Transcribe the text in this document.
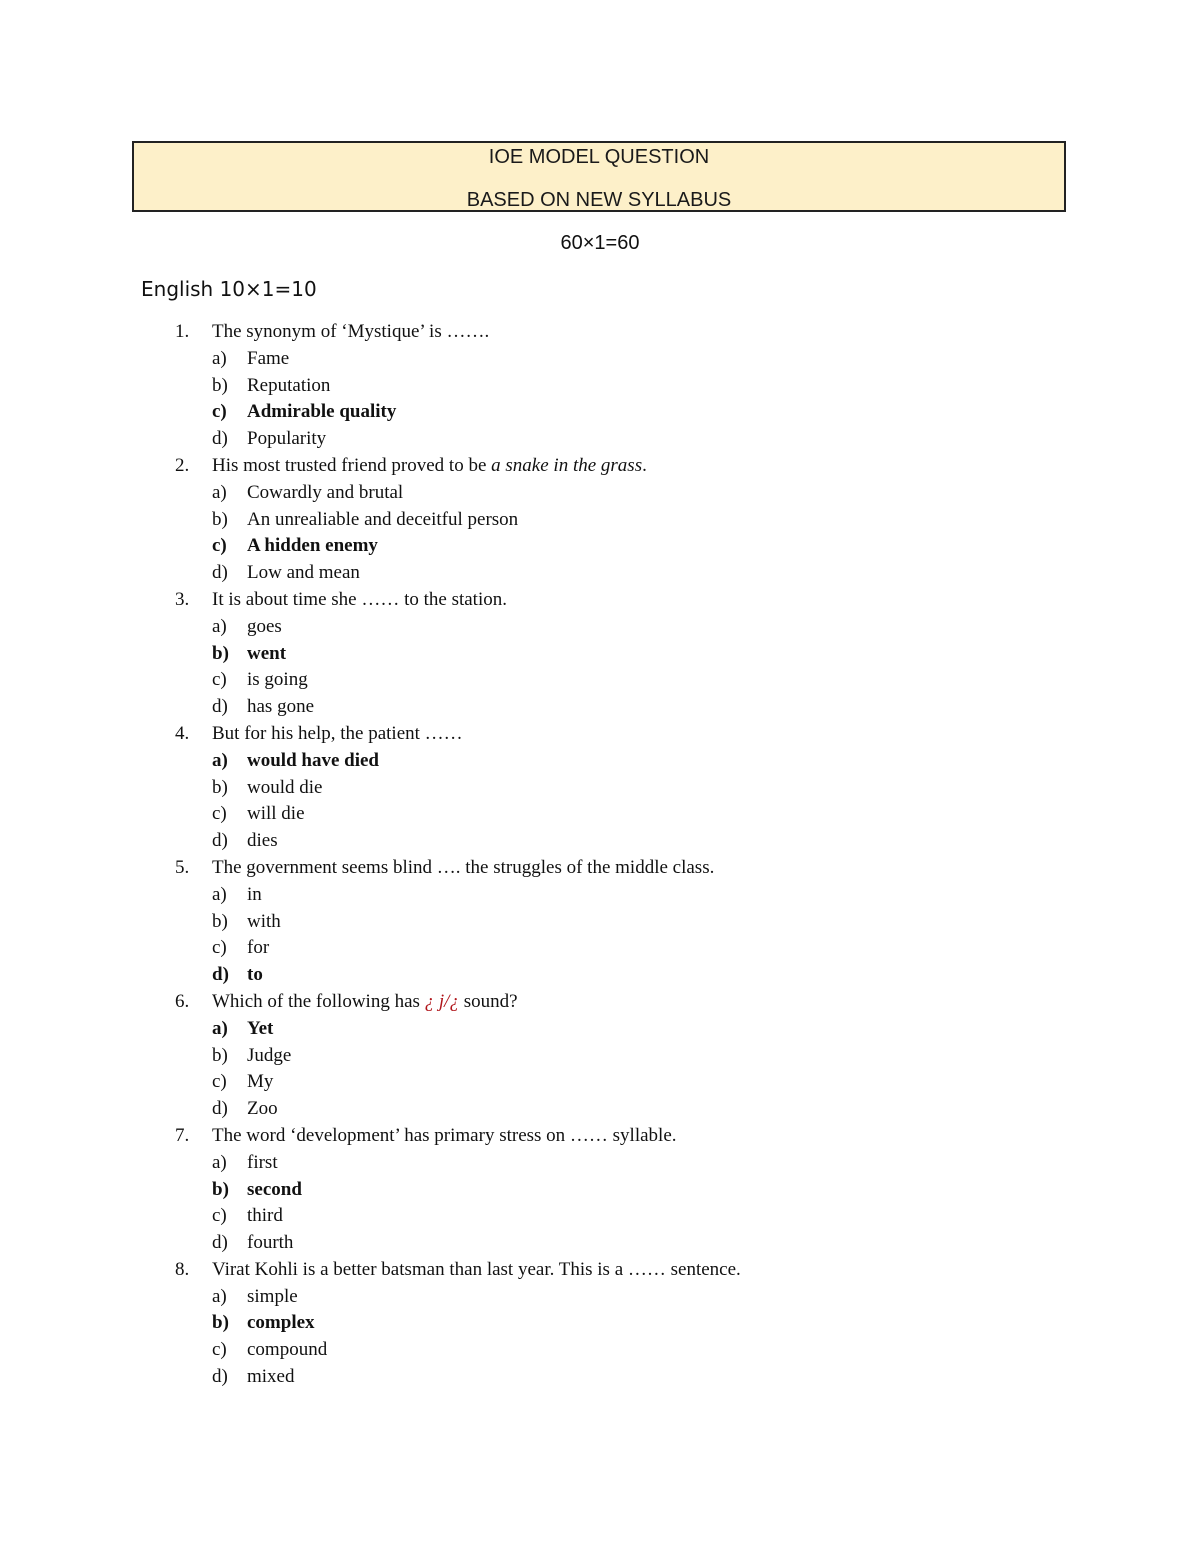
IOE MODEL QUESTION
BASED ON NEW SYLLABUS
60×1=60
English 10×1=10
1. The synonym of ‘Mystique’ is …….
a) Fame
b) Reputation
c) Admirable quality
d) Popularity
2. His most trusted friend proved to be a snake in the grass.
a) Cowardly and brutal
b) An unrealiable and deceitful person
c) A hidden enemy
d) Low and mean
3. It is about time she …… to the station.
a) goes
b) went
c) is going
d) has gone
4. But for his help, the patient ……
a) would have died
b) would die
c) will die
d) dies
5. The government seems blind …. the struggles of the middle class.
a) in
b) with
c) for
d) to
6. Which of the following has ¿ j/¿ sound?
a) Yet
b) Judge
c) My
d) Zoo
7. The word ‘development’ has primary stress on …… syllable.
a) first
b) second
c) third
d) fourth
8. Virat Kohli is a better batsman than last year. This is a …… sentence.
a) simple
b) complex
c) compound
d) mixed
